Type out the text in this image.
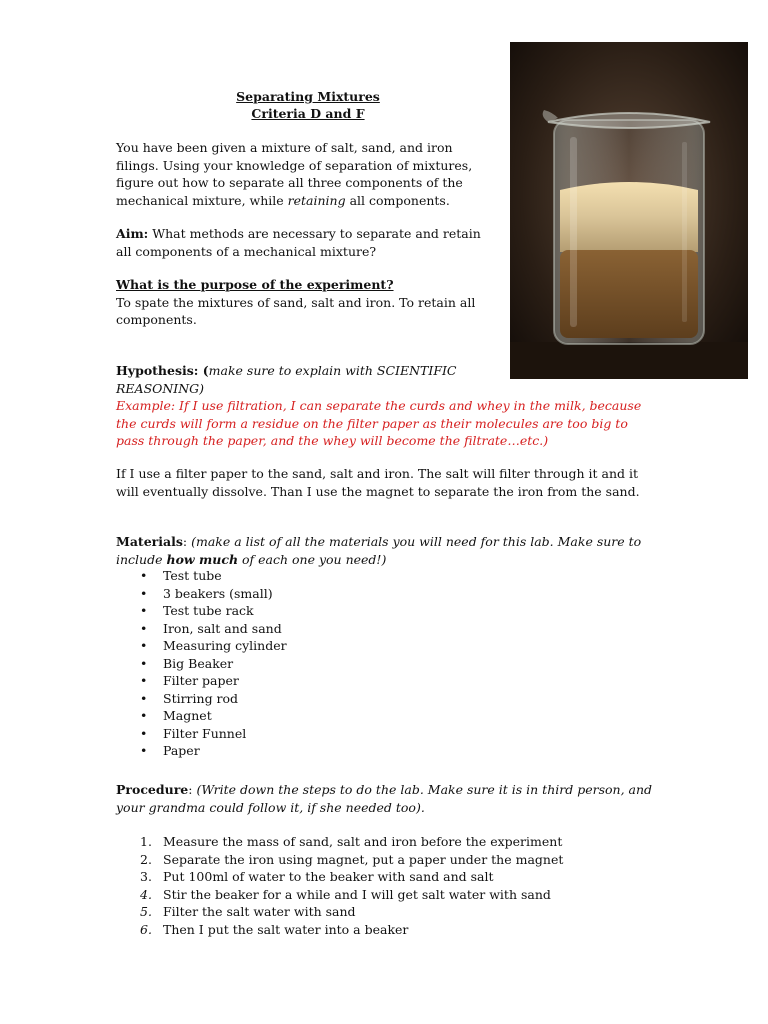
Separating Mixtures
Criteria D and F
You have been given a mixture of salt, sand, and iron filings. Using your knowledge of separation of mixtures, figure out how to separate all three components of the mechanical mixture, while retaining all components.
Aim: What methods are necessary to separate and retain all components of a mechanical mixture?
What is the purpose of the experiment?
To spate the mixtures of sand, salt and iron. To retain all components.
Hypothesis: (make sure to explain with SCIENTIFIC REASONING)
Example: If I use filtration, I can separate the curds and whey in the milk, because the curds will form a residue on the filter paper as their molecules are too big to pass through the paper, and the whey will become the filtrate…etc.)
If I use a filter paper to the sand, salt and iron. The salt will filter through it and it will eventually dissolve. Than I use the magnet to separate the iron from the sand.
Materials: (make a list of all the materials you will need for this lab. Make sure to include how much of each one you need!)
• Test tube
• 3 beakers (small)
• Test tube rack
• Iron, salt and sand
• Measuring cylinder
• Big Beaker
• Filter paper
• Stirring rod
• Magnet
• Filter Funnel
• Paper
Procedure: (Write down the steps to do the lab. Make sure it is in third person, and your grandma could follow it, if she needed too).
1. Measure the mass of sand, salt and iron before the experiment
2. Separate the iron using magnet, put a paper under the magnet
3. Put 100ml of water to the beaker with sand and salt
4. Stir the beaker for a while and I will get salt water with sand
5. Filter the salt water with sand
6. Then I put the salt water into a beaker
